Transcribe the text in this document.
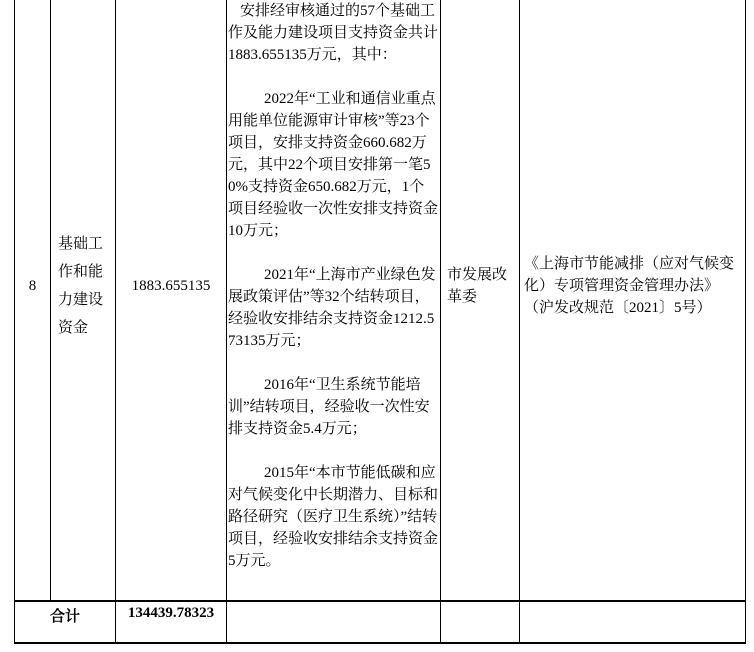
8
基础工作和能力建设资金
1883.655135

安排经审核通过的57个基础工作及能力建设项目支持资金共计1883.655135万元，其中：

2022年“工业和通信业重点用能单位能源审计审核”等23个项目，安排支持资金660.682万元，其中22个项目安排第一笔50%支持资金650.682万元，1个项目经验收一次性安排支持资金10万元；

2021年“上海市产业绿色发展政策评估”等32个结转项目，经验收安排结余支持资金1212.573135万元；

2016年“卫生系统节能培训”结转项目，经验收一次性安排支持资金5.4万元；

2015年“本市节能低碳和应对气候变化中长期潜力、目标和路径研究（医疗卫生系统）”结转项目，经验收安排结余支持资金5万元。

市发展改革委
《上海市节能减排（应对气候变化）专项管理资金管理办法》（沪发改规范〔2021〕5号）
合计	134439.78323
